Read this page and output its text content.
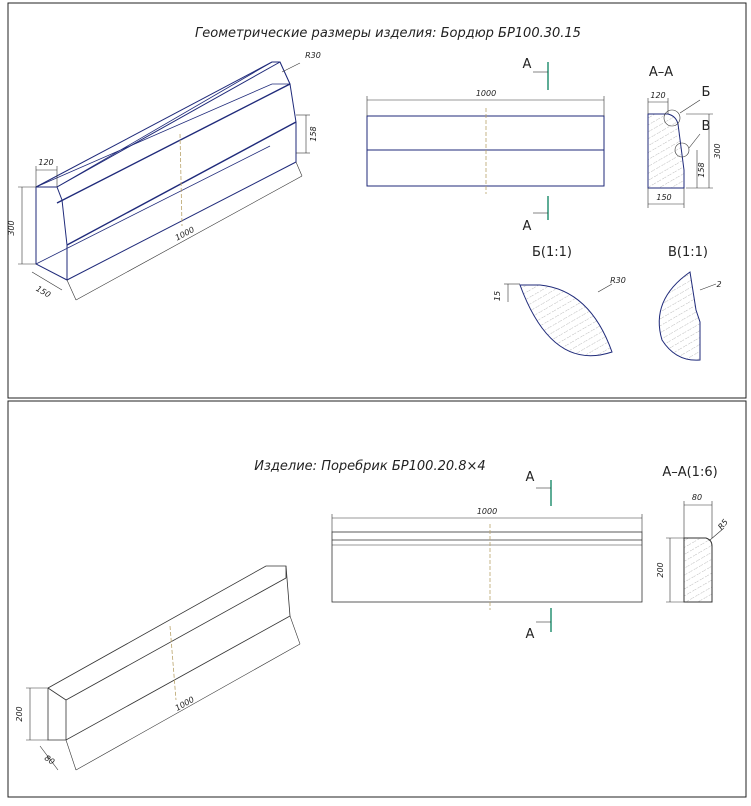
Геометрические размеры изделия: Бордюр БР100.30.15
120
300
150
1000
R30
158
1000
А
А
А–А
Б
В
120
150
300
158
Б(1:1)
15
R30
В(1:1)
2
Изделие: Поребрик БР100.20.8×4
1000
А
А
А–А(1:6)
80
200
R5
200
80
1000
